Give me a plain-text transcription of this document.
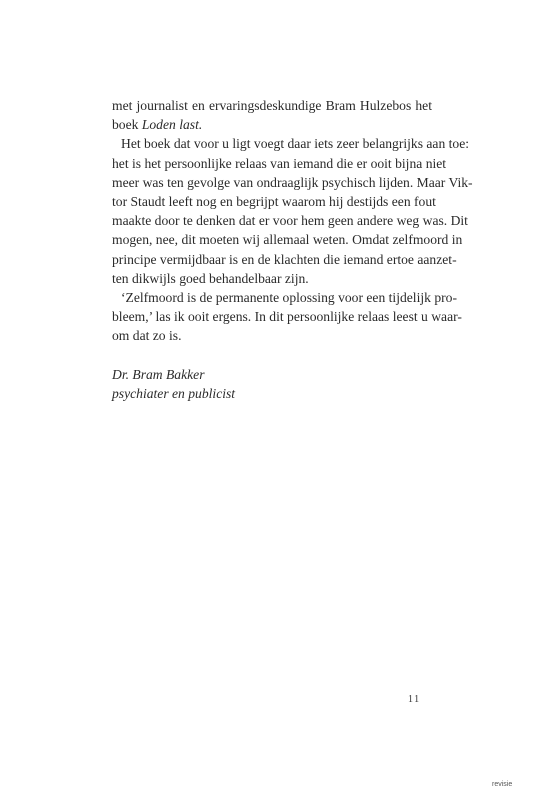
met journalist en ervaringsdeskundige Bram Hulzebos het
boek Loden last.
Het boek dat voor u ligt voegt daar iets zeer belangrijks aan toe:
het is het persoonlijke relaas van iemand die er ooit bijna niet
meer was ten gevolge van ondraaglijk psychisch lijden. Maar Vik-
tor Staudt leeft nog en begrijpt waarom hij destijds een fout
maakte door te denken dat er voor hem geen andere weg was. Dit
mogen, nee, dit moeten wij allemaal weten. Omdat zelfmoord in
principe vermijdbaar is en de klachten die iemand ertoe aanzet-
ten dikwijls goed behandelbaar zijn.
‘Zelfmoord is de permanente oplossing voor een tijdelijk pro-
bleem,’ las ik ooit ergens. In dit persoonlijke relaas leest u waar-
om dat zo is.
Dr. Bram Bakker
psychiater en publicist
11
revisie
